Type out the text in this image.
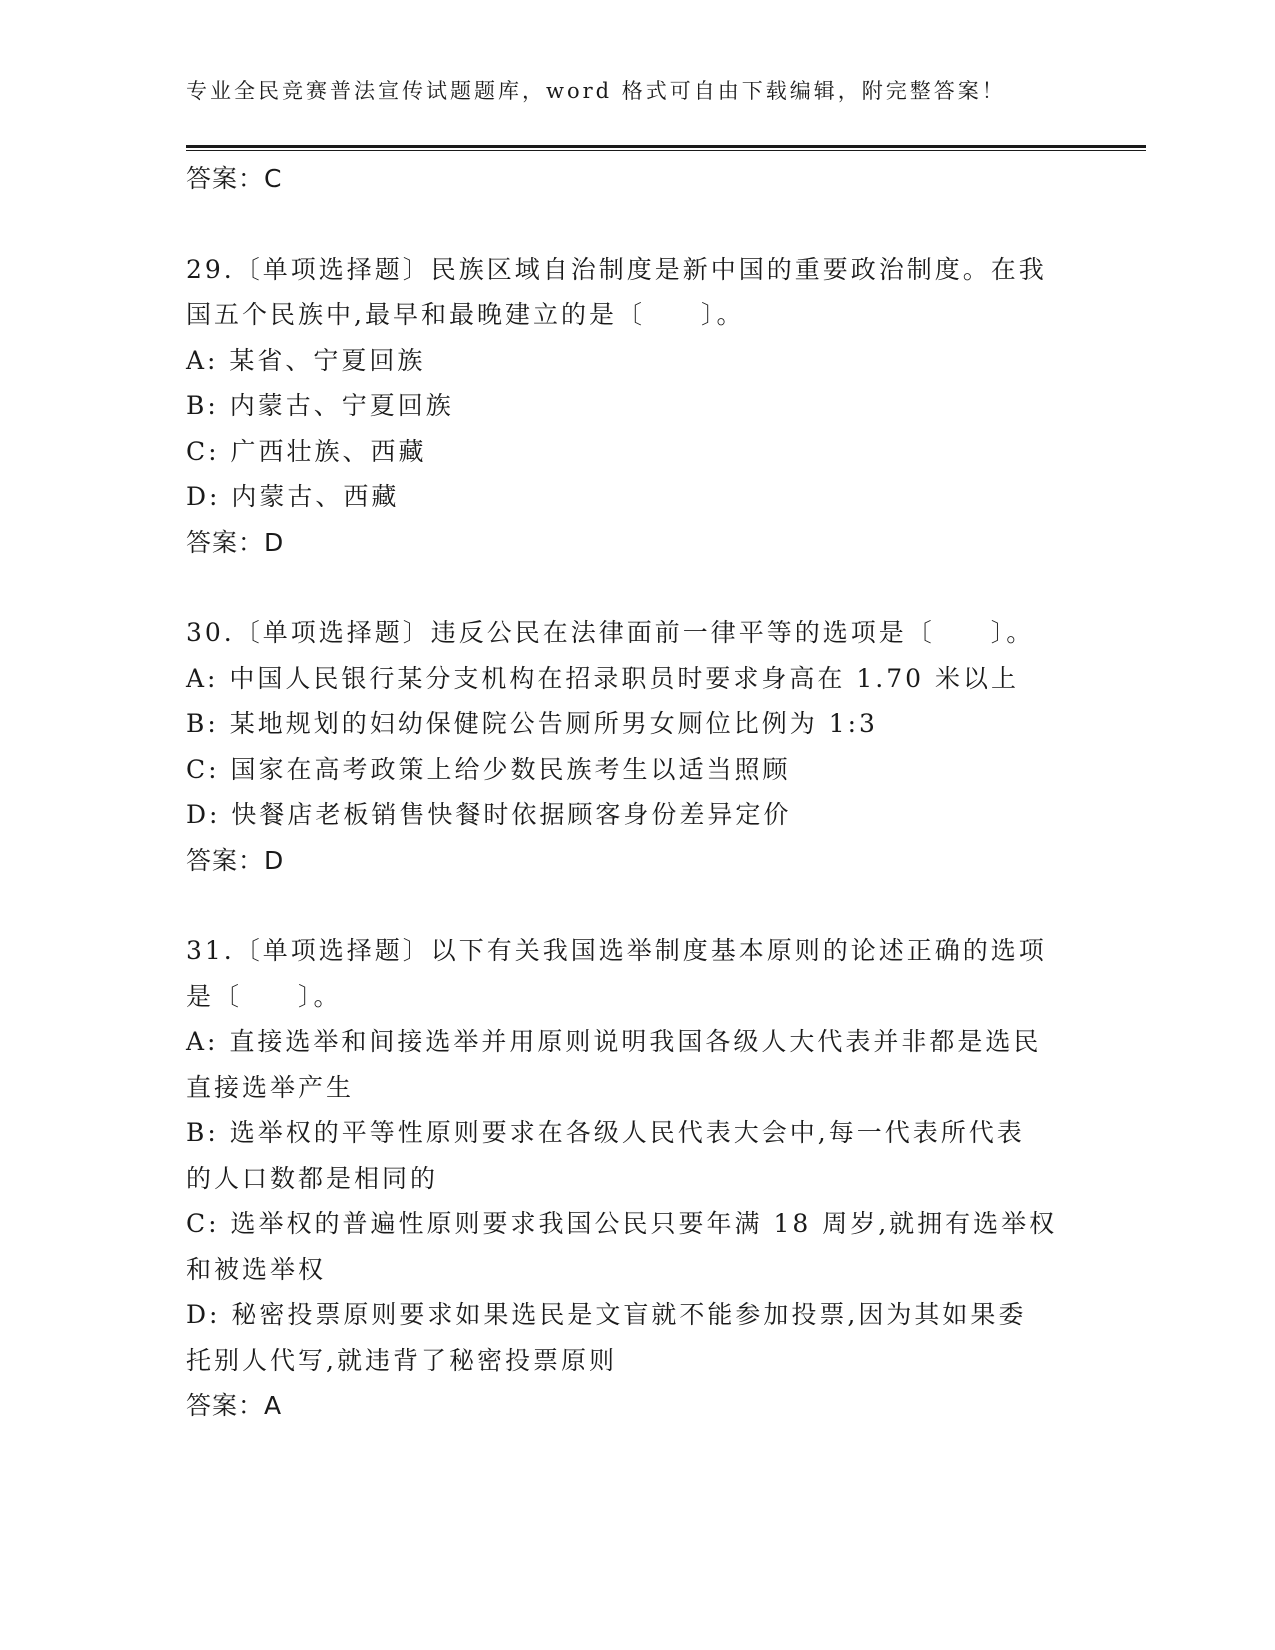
专业全民竞赛普法宣传试题题库，word 格式可自由下载编辑，附完整答案！
答案：C
29.〔单项选择题〕民族区域自治制度是新中国的重要政治制度。在我
国五个民族中,最早和最晚建立的是〔　　〕。
A: 某省、宁夏回族
B: 内蒙古、宁夏回族
C: 广西壮族、西藏
D: 内蒙古、西藏
答案：D
30.〔单项选择题〕违反公民在法律面前一律平等的选项是〔　　〕。
A: 中国人民银行某分支机构在招录职员时要求身高在 1.70 米以上
B: 某地规划的妇幼保健院公告厕所男女厕位比例为 1:3
C: 国家在高考政策上给少数民族考生以适当照顾
D: 快餐店老板销售快餐时依据顾客身份差异定价
答案：D
31.〔单项选择题〕以下有关我国选举制度基本原则的论述正确的选项
是〔　　〕。
A: 直接选举和间接选举并用原则说明我国各级人大代表并非都是选民
直接选举产生
B: 选举权的平等性原则要求在各级人民代表大会中,每一代表所代表
的人口数都是相同的
C: 选举权的普遍性原则要求我国公民只要年满 18 周岁,就拥有选举权
和被选举权
D: 秘密投票原则要求如果选民是文盲就不能参加投票,因为其如果委
托别人代写,就违背了秘密投票原则
答案：A
